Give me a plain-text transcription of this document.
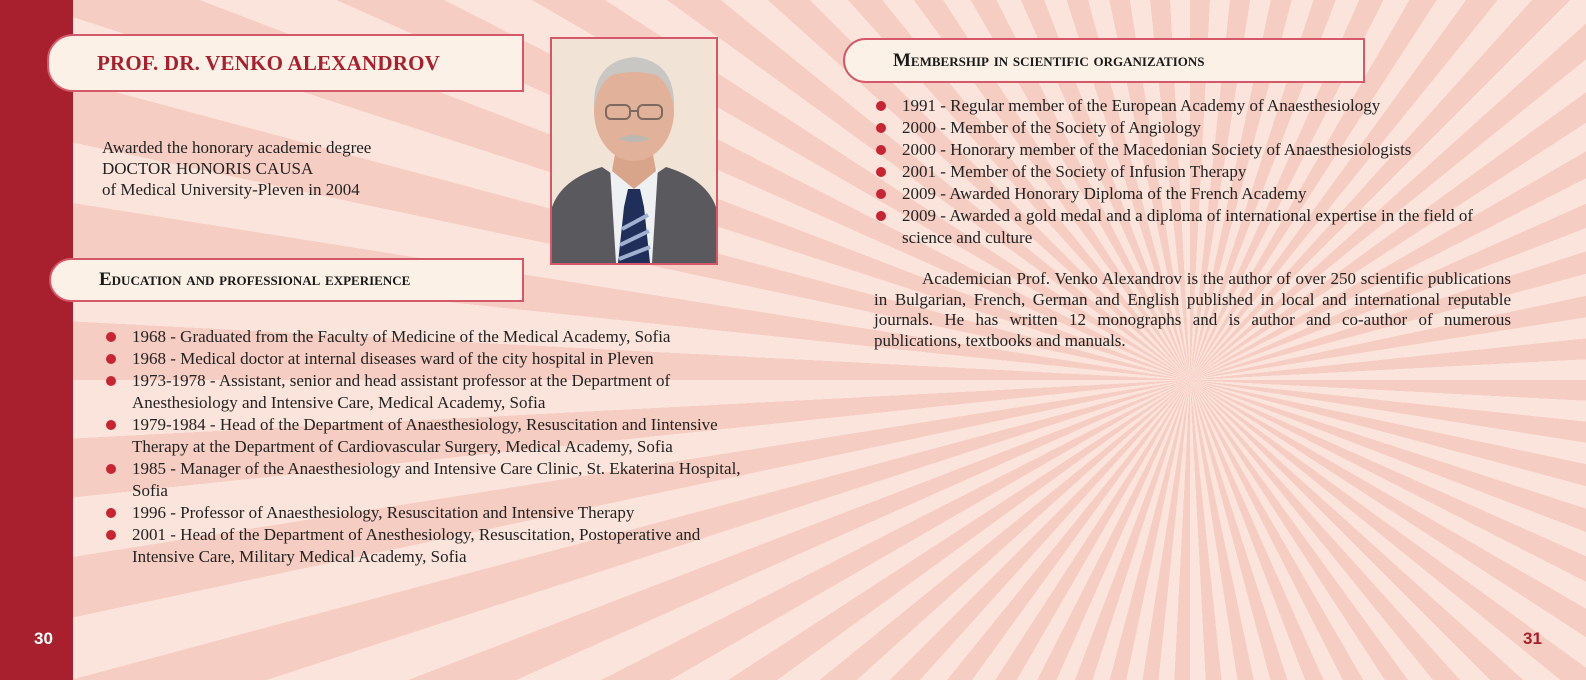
PROF. DR. VENKO ALEXANDROV
Awarded the honorary academic degree
DOCTOR HONORIS CAUSA
of Medical University-Pleven in 2004
Education and professional experience
1968 - Graduated from the Faculty of Medicine of the Medical Academy, Sofia
1968 - Medical doctor at internal diseases ward of the city hospital in Pleven
1973-1978 - Assistant, senior and head assistant professor at the Department of Anesthesiology and Intensive Care, Medical Academy, Sofia
1979-1984 - Head of the Department of Anaesthesiology, Resuscitation and Iintensive Therapy at the Department of Cardiovascular Surgery, Medical Academy, Sofia
1985 - Manager of the Anaesthesiology and Intensive Care Clinic, St. Ekaterina Hospital, Sofia
1996 - Professor of Anaesthesiology, Resuscitation and Intensive Therapy
2001 - Head of the Department of Anesthesiology, Resuscitation, Postoperative and Intensive Care, Military Medical Academy, Sofia
Membership in scientific organizations
1991 - Regular member of the European Academy of Anaesthesiology
2000 - Member of the Society of Angiology
2000 - Honorary member of the Macedonian Society of Anaesthesiologists
2001 - Member of the Society of Infusion Therapy
2009 - Awarded Honorary Diploma of the French Academy
2009 - Awarded a gold medal and a diploma of international expertise in the field of science and culture

Academician Prof. Venko Alexandrov is the author of over 250 scientific publications in Bulgarian, French, German and English published in local and international reputable journals. He has written 12 monographs and is author and co-author of numerous publications, textbooks and manuals.

30	31
